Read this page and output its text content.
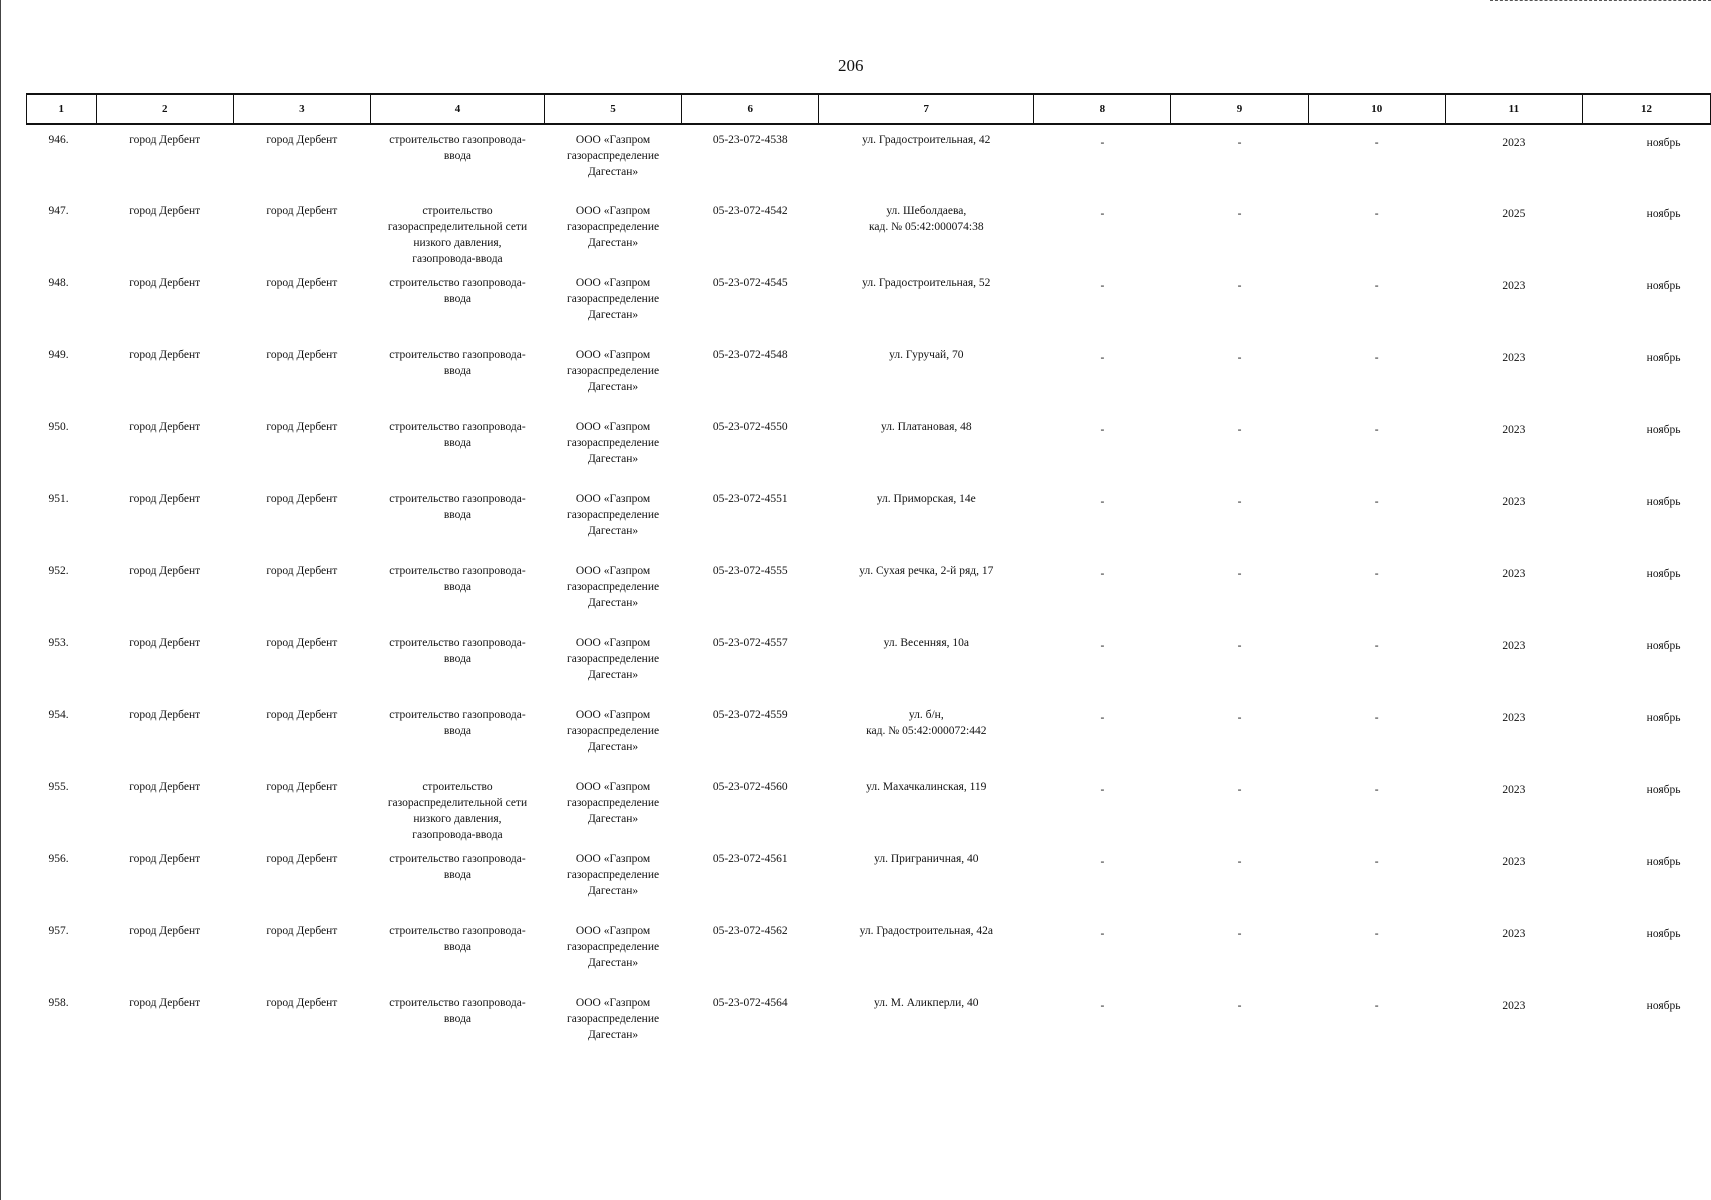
206
1	2	3	4	5	6	7	8	9	10	11	12
946.	город Дербент	город Дербент	строительство газопровода-
ввода	ООО «Газпром
газораспределение
Дагестан»	05-23-072-4538	ул. Градостроительная, 42	-	-	-	2023	ноябрь
947.	город Дербент	город Дербент	строительство
газораспределительной сети
низкого давления,
газопровода-ввода	ООО «Газпром
газораспределение
Дагестан»	05-23-072-4542	ул. Шеболдаева,
кад. № 05:42:000074:38	-	-	-	2025	ноябрь
948.	город Дербент	город Дербент	строительство газопровода-
ввода	ООО «Газпром
газораспределение
Дагестан»	05-23-072-4545	ул. Градостроительная, 52	-	-	-	2023	ноябрь
949.	город Дербент	город Дербент	строительство газопровода-
ввода	ООО «Газпром
газораспределение
Дагестан»	05-23-072-4548	ул. Гуручай, 70	-	-	-	2023	ноябрь
950.	город Дербент	город Дербент	строительство газопровода-
ввода	ООО «Газпром
газораспределение
Дагестан»	05-23-072-4550	ул. Платановая, 48	-	-	-	2023	ноябрь
951.	город Дербент	город Дербент	строительство газопровода-
ввода	ООО «Газпром
газораспределение
Дагестан»	05-23-072-4551	ул. Приморская, 14е	-	-	-	2023	ноябрь
952.	город Дербент	город Дербент	строительство газопровода-
ввода	ООО «Газпром
газораспределение
Дагестан»	05-23-072-4555	ул. Сухая речка, 2-й ряд, 17	-	-	-	2023	ноябрь
953.	город Дербент	город Дербент	строительство газопровода-
ввода	ООО «Газпром
газораспределение
Дагестан»	05-23-072-4557	ул. Весенняя, 10а	-	-	-	2023	ноябрь
954.	город Дербент	город Дербент	строительство газопровода-
ввода	ООО «Газпром
газораспределение
Дагестан»	05-23-072-4559	ул. б/н,
кад. № 05:42:000072:442	-	-	-	2023	ноябрь
955.	город Дербент	город Дербент	строительство
газораспределительной сети
низкого давления,
газопровода-ввода	ООО «Газпром
газораспределение
Дагестан»	05-23-072-4560	ул. Махачкалинская, 119	-	-	-	2023	ноябрь
956.	город Дербент	город Дербент	строительство газопровода-
ввода	ООО «Газпром
газораспределение
Дагестан»	05-23-072-4561	ул. Приграничная, 40	-	-	-	2023	ноябрь
957.	город Дербент	город Дербент	строительство газопровода-
ввода	ООО «Газпром
газораспределение
Дагестан»	05-23-072-4562	ул. Градостроительная, 42а	-	-	-	2023	ноябрь
958.	город Дербент	город Дербент	строительство газопровода-
ввода	ООО «Газпром
газораспределение
Дагестан»	05-23-072-4564	ул. М. Аликперли, 40	-	-	-	2023	ноябрь
